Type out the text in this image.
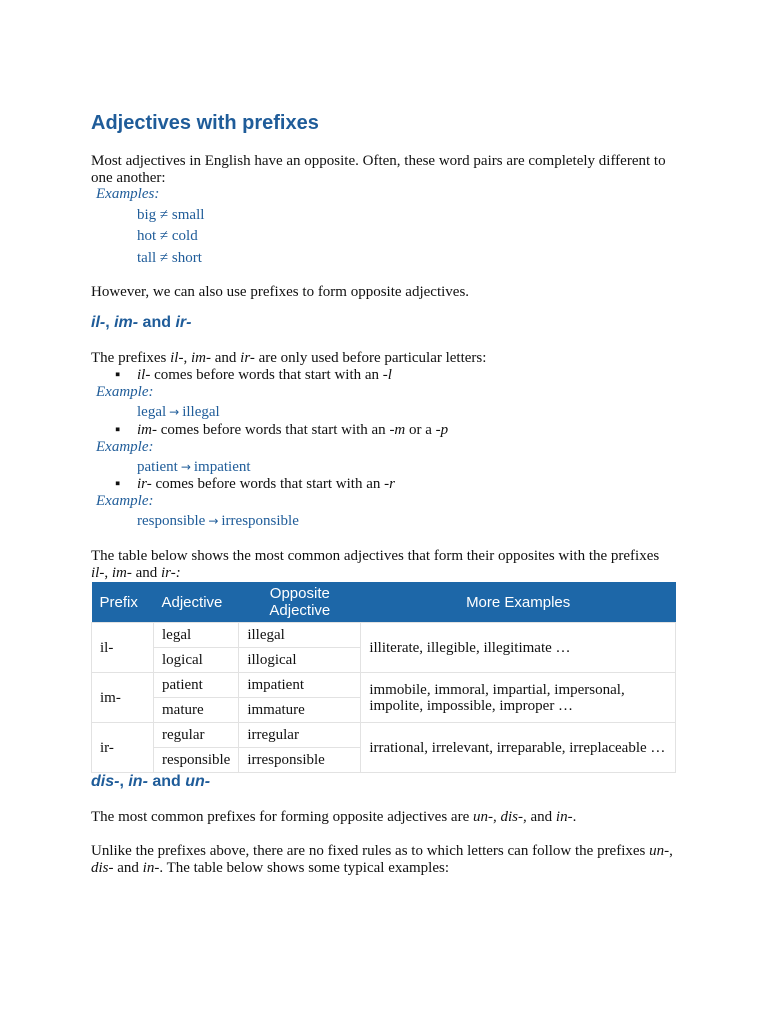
Adjectives with prefixes

Most adjectives in English have an opposite. Often, these word pairs are completely different to one another:

Examples:
big ≠ small
hot ≠ cold
tall ≠ short

However, we can also use prefixes to form opposite adjectives.

il-, im- and ir-

The prefixes il-, im- and ir- are only used before particular letters:

▪ il- comes before words that start with an -l
Example:
legal → illegal
▪ im- comes before words that start with an -m or a -p
Example:
patient → impatient
▪ ir- comes before words that start with an -r
Example:
responsible → irresponsible

The table below shows the most common adjectives that form their opposites with the prefixes il-, im- and ir-:

Prefix	Adjective	Opposite Adjective	More Examples
il-	legal	illegal	illiterate, illegible, illegitimate …
	logical	illogical	
im-	patient	impatient	immobile, immoral, impartial, impersonal, impolite, impossible, improper …
	mature	immature	
ir-	regular	irregular	irrational, irrelevant, irreparable, irreplaceable …
	responsible	irresponsible	
dis-, in- and un-

The most common prefixes for forming opposite adjectives are un-, dis-, and in-.

Unlike the prefixes above, there are no fixed rules as to which letters can follow the prefixes un-, dis- and in-. The table below shows some typical examples:
